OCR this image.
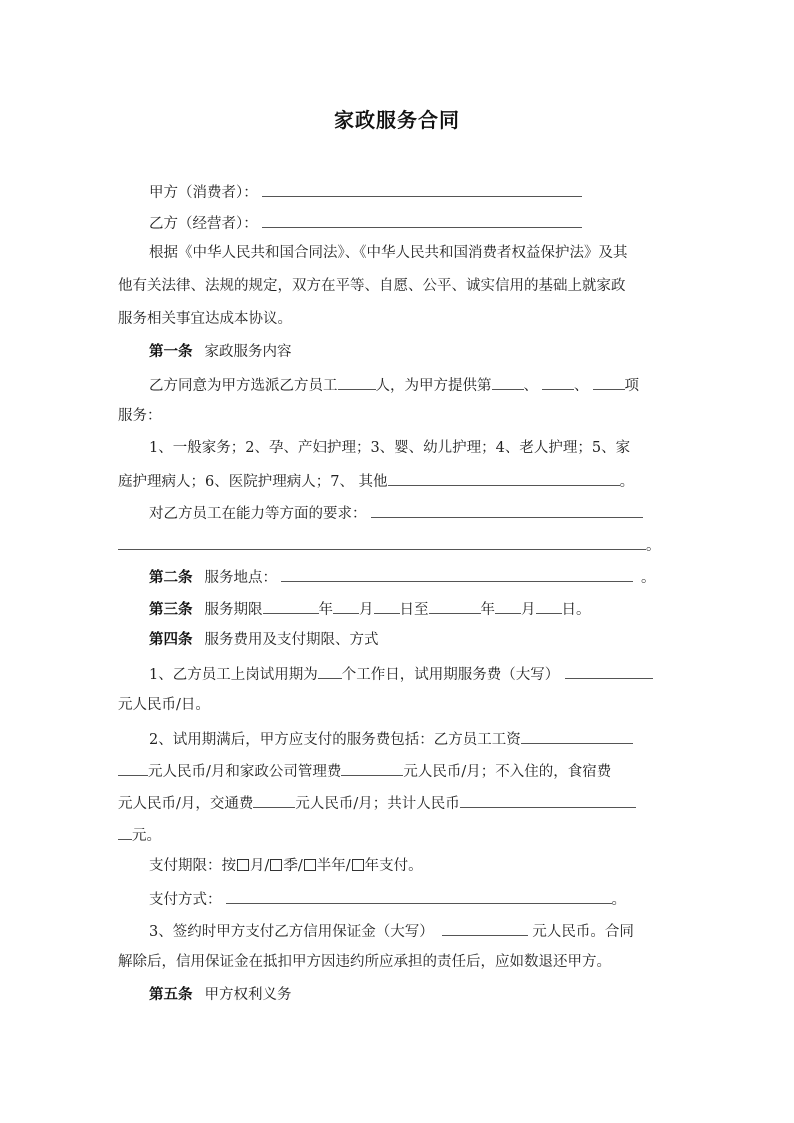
家政服务合同
甲方（消费者）：
乙方（经营者）：
根据《中华人民共和国合同法》、《中华人民共和国消费者权益保护法》及其
他有关法律、法规的规定，双方在平等、自愿、公平、诚实信用的基础上就家政
服务相关事宜达成本协议。
第一条 家政服务内容
乙方同意为甲方选派乙方员工	人，为甲方提供第 、 、 项
服务：
1、一般家务；2、孕、产妇护理；3、婴、幼儿护理；4、老人护理；5、家
庭护理病人；6、医院护理病人；7、 其他	。
对乙方员工在能力等方面的要求：
。
第二条 服务地点：	。
第三条 服务期限	年 月 日至	年 月 日。
第四条 服务费用及支付期限、方式
1、乙方员工上岗试用期为 个工作日，试用期服务费（大写）
元人民币/日。
2、试用期满后，甲方应支付的服务费包括：乙方员工工资
元人民币/月和家政公司管理费	元人民币/月；不入住的，食宿费
元人民币/月，交通费	元人民币/月；共计人民币
元。
支付期限：按 月/ 季/ 半年/ 年支付。
支付方式：	。
3、签约时甲方支付乙方信用保证金（大写）	元人民币。合同
解除后，信用保证金在抵扣甲方因违约所应承担的责任后，应如数退还甲方。
第五条 甲方权利义务
